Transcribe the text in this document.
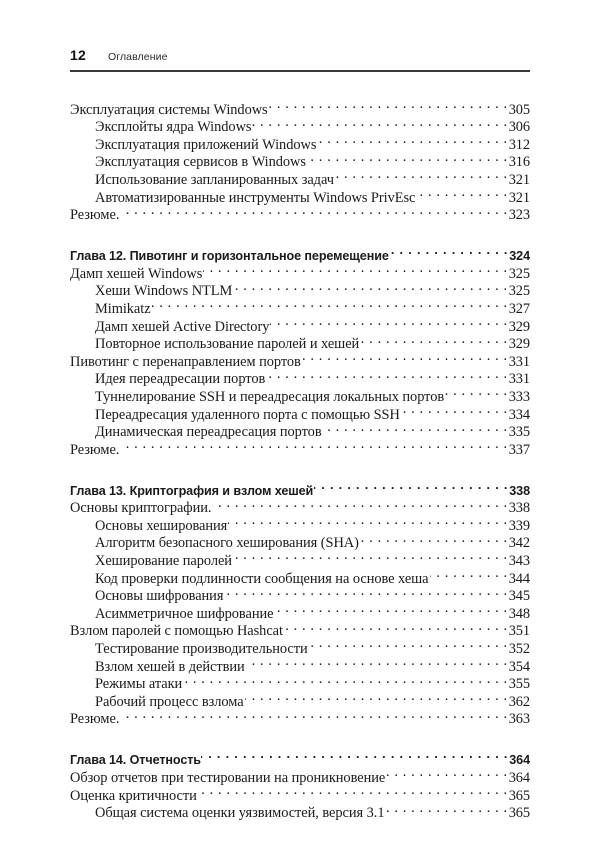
12 Оглавление
Эксплуатация системы Windows . . .	305
Эксплойты ядра Windows . . .	306
Эксплуатация приложений Windows . . .	312
Эксплуатация сервисов в Windows . . .	316
Использование запланированных задач . . .	321
Автоматизированные инструменты Windows PrivEsc . . .	321
Резюме. . . .	323
Глава 12. Пивотинг и горизонтальное перемещение . . .	324
Дамп хешей Windows . . .	325
Хеши Windows NTLM . . .	325
Mimikatz . . .	327
Дамп хешей Active Directory . . .	329
Повторное использование паролей и хешей . . .	329
Пивотинг с перенаправлением портов . . .	331
Идея переадресации портов . . .	331
Туннелирование SSH и переадресация локальных портов . . .	333
Переадресация удаленного порта с помощью SSH . . .	334
Динамическая переадресация портов . . .	335
Резюме. . . .	337
Глава 13. Криптография и взлом хешей . . .	338
Основы криптографии. . . .	338
Основы хеширования . . .	339
Алгоритм безопасного хеширования (SHA) . . .	342
Хеширование паролей . . .	343
Код проверки подлинности сообщения на основе хеша . . .	344
Основы шифрования . . .	345
Асимметричное шифрование . . .	348
Взлом паролей с помощью Hashcat . . .	351
Тестирование производительности . . .	352
Взлом хешей в действии . . .	354
Режимы атаки . . .	355
Рабочий процесс взлома . . .	362
Резюме. . . .	363
Глава 14. Отчетность . . .	364
Обзор отчетов при тестировании на проникновение . . .	364
Оценка критичности . . .	365
Общая система оценки уязвимостей, версия 3.1 . . .	365
